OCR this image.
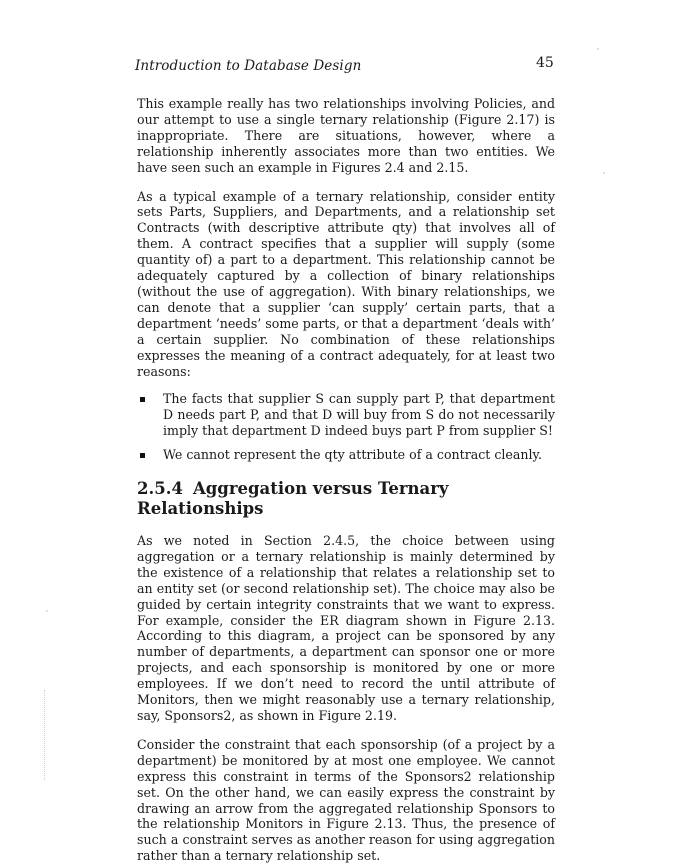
Introduction to Database Design	45

This example really has two relationships involving Policies, and our attempt to use a single ternary relationship (Figure 2.17) is inappropriate. There are situations, however, where a relationship inherently associates more than two entities. We have seen such an example in Figures 2.4 and 2.15.

As a typical example of a ternary relationship, consider entity sets Parts, Suppliers, and Departments, and a relationship set Contracts (with descriptive attribute qty) that involves all of them. A contract specifies that a supplier will supply (some quantity of) a part to a department. This relationship cannot be adequately captured by a collection of binary relationships (without the use of aggregation). With binary relationships, we can denote that a supplier ‘can supply’ certain parts, that a department ‘needs’ some parts, or that a department ‘deals with’ a certain supplier. No combination of these relationships expresses the meaning of a contract adequately, for at least two reasons:

The facts that supplier S can supply part P, that department D needs part P, and that D will buy from S do not necessarily imply that department D indeed buys part P from supplier S!
We cannot represent the qty attribute of a contract cleanly.
2.5.4 Aggregation versus Ternary Relationships

As we noted in Section 2.4.5, the choice between using aggregation or a ternary relationship is mainly determined by the existence of a relationship that relates a relationship set to an entity set (or second relationship set). The choice may also be guided by certain integrity constraints that we want to express. For example, consider the ER diagram shown in Figure 2.13. According to this diagram, a project can be sponsored by any number of departments, a department can sponsor one or more projects, and each sponsorship is monitored by one or more employees. If we don’t need to record the until attribute of Monitors, then we might reasonably use a ternary relationship, say, Sponsors2, as shown in Figure 2.19.

Consider the constraint that each sponsorship (of a project by a department) be monitored by at most one employee. We cannot express this constraint in terms of the Sponsors2 relationship set. On the other hand, we can easily express the constraint by drawing an arrow from the aggregated relationship Sponsors to the relationship Monitors in Figure 2.13. Thus, the presence of such a constraint serves as another reason for using aggregation rather than a ternary relationship set.
